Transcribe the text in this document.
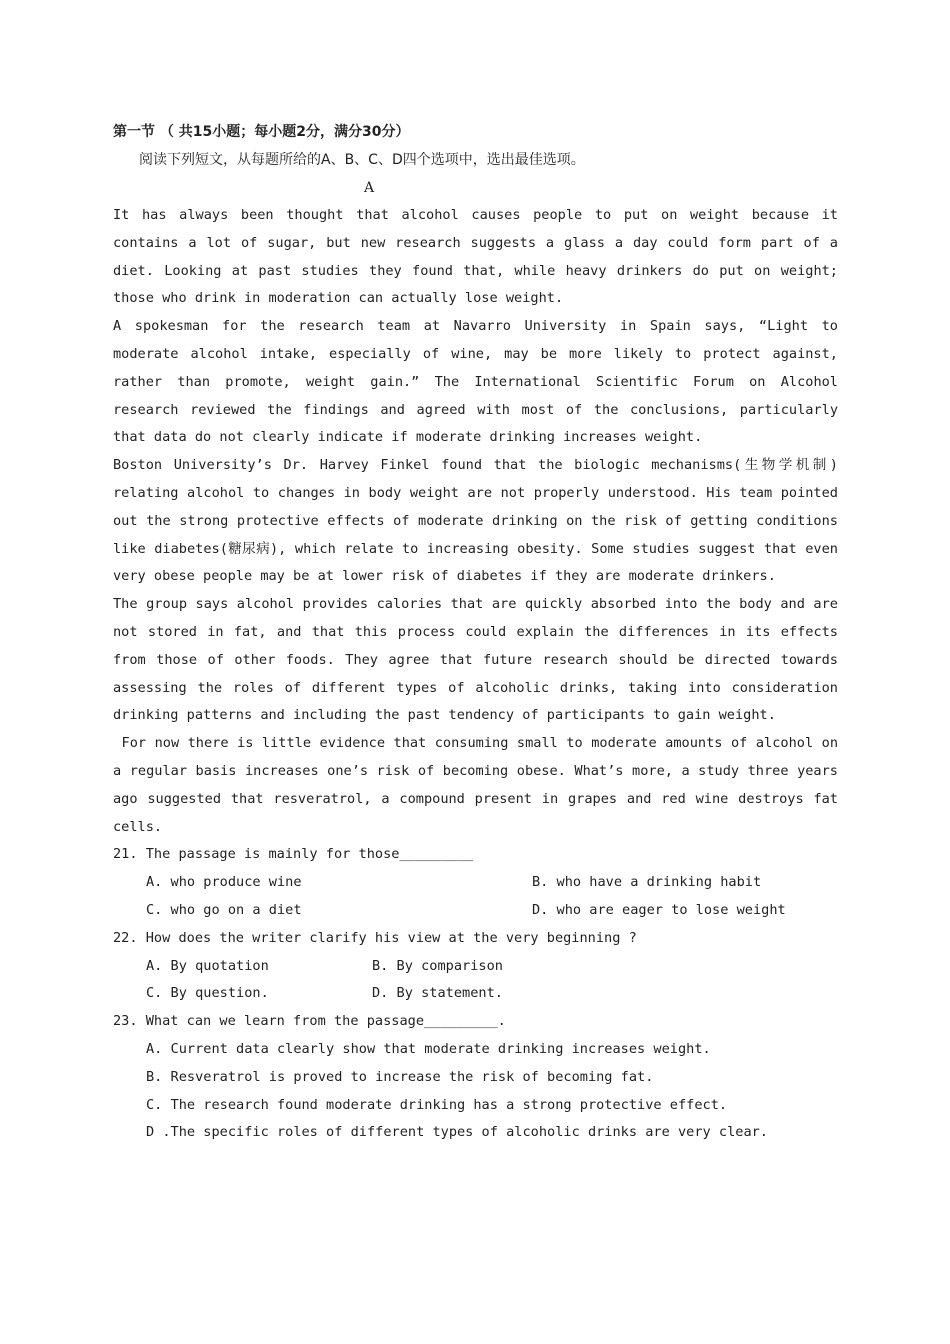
第一节 （ 共15小题；每小题2分，满分30分）
阅读下列短文，从每题所给的A、B、C、D四个选项中，选出最佳选项。
A

It has always been thought that alcohol causes people to put on weight because it contains a lot of sugar, but new research suggests a glass a day could form part of a diet. Looking at past studies they found that, while heavy drinkers do put on weight; those who drink in moderation can actually lose weight.

A spokesman for the research team at Navarro University in Spain says, “Light to moderate alcohol intake, especially of wine, may be more likely to protect against, rather than promote, weight gain.” The International Scientific Forum on Alcohol research reviewed the findings and agreed with most of the conclusions, particularly that data do not clearly indicate if moderate drinking increases weight.

Boston University’s Dr. Harvey Finkel found that the biologic mechanisms(生物学机制) relating alcohol to changes in body weight are not properly understood. His team pointed out the strong protective effects of moderate drinking on the risk of getting conditions like diabetes(糖尿病), which relate to increasing obesity. Some studies suggest that even very obese people may be at lower risk of diabetes if they are moderate drinkers.

The group says alcohol provides calories that are quickly absorbed into the body and are not stored in fat, and that this process could explain the differences in its effects from those of other foods. They agree that future research should be directed towards assessing the roles of different types of alcoholic drinks, taking into consideration drinking patterns and including the past tendency of participants to gain weight.

For now there is little evidence that consuming small to moderate amounts of alcohol on a regular basis increases one’s risk of becoming obese. What’s more, a study three years ago suggested that resveratrol, a compound present in grapes and red wine destroys fat cells.

21. The passage is mainly for those_________

A. who produce wine	B. who have a drinking habit
C. who go on a diet	D. who are eager to lose weight

22. How does the writer clarify his view at the very beginning ?

A. By quotation	B. By comparison
C. By question.	D. By statement.

23. What can we learn from the passage_________.

A. Current data clearly show that moderate drinking increases weight.
B. Resveratrol is proved to increase the risk of becoming fat.
C. The research found moderate drinking has a strong protective effect.
D .The specific roles of different types of alcoholic drinks are very clear.
